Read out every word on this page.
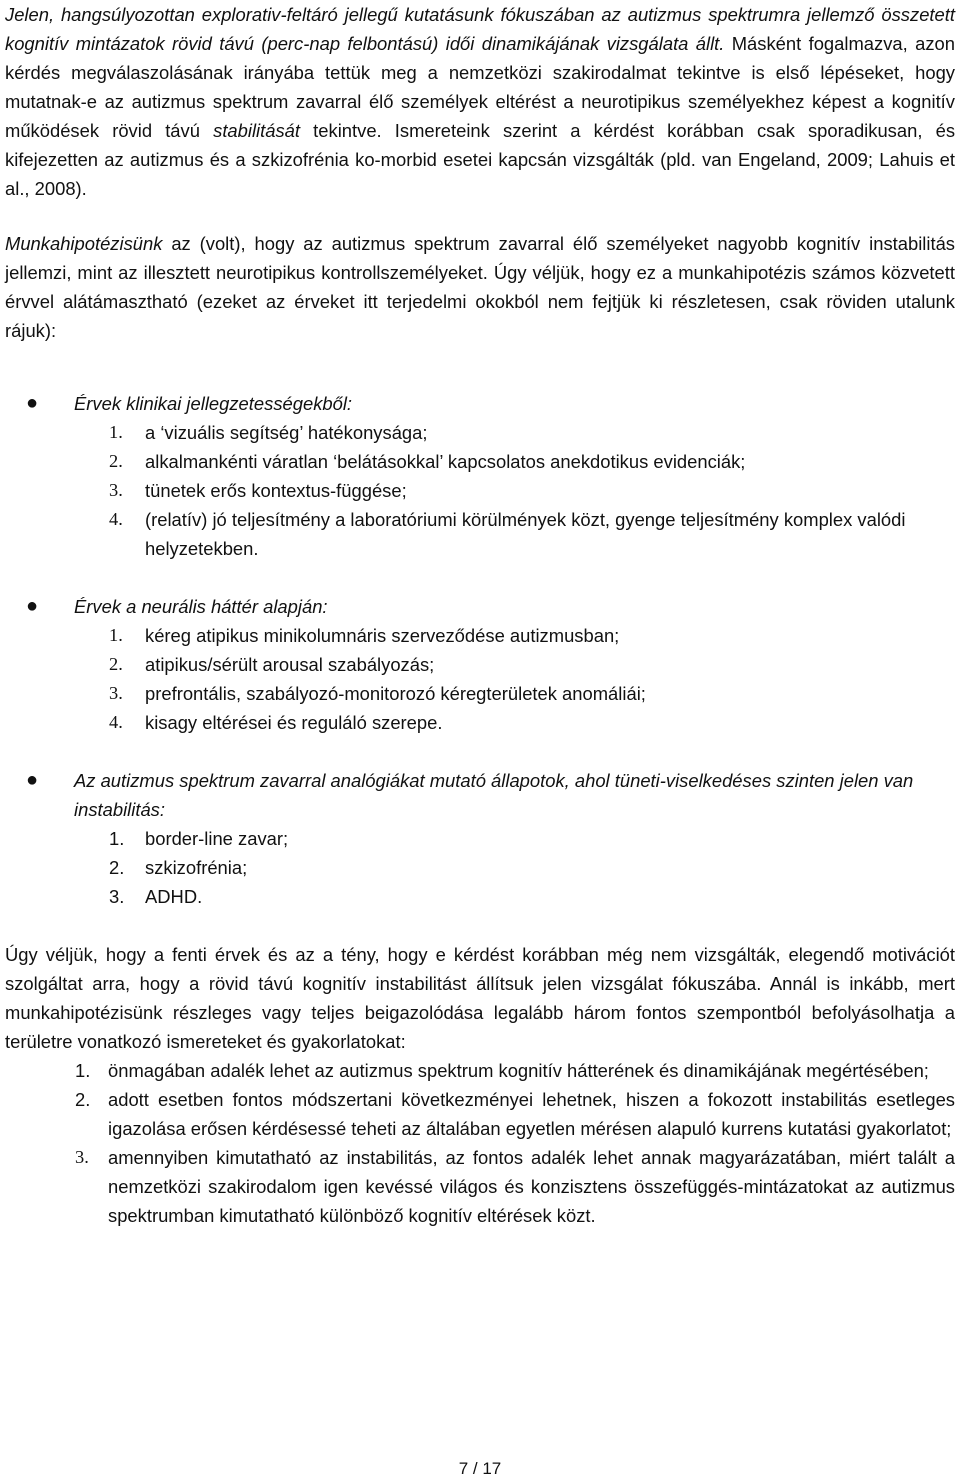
Jelen, hangsúlyozottan explorativ-feltáró jellegű kutatásunk fókuszában az autizmus spektrumra jellemző összetett kognitív mintázatok rövid távú (perc-nap felbontású) idői dinamikájának vizsgálata állt. Másként fogalmazva, azon kérdés megválaszolásának irányába tettük meg a nemzetközi szakirodalmat tekintve is első lépéseket, hogy mutatnak-e az autizmus spektrum zavarral élő személyek eltérést a neurotipikus személyekhez képest a kognitív működések rövid távú stabilitását tekintve. Ismereteink szerint a kérdést korábban csak sporadikusan, és kifejezetten az autizmus és a szkizofrénia ko-morbid esetei kapcsán vizsgálták (pld. van Engeland, 2009; Lahuis et al., 2008).

Munkahipotézisünk az (volt), hogy az autizmus spektrum zavarral élő személyeket nagyobb kognitív instabilitás jellemzi, mint az illesztett neurotipikus kontrollszemélyeket. Úgy véljük, hogy ez a munkahipotézis számos közvetett érvvel alátámasztható (ezeket az érveket itt terjedelmi okokból nem fejtjük ki részletesen, csak röviden utalunk rájuk):

● Érvek klinikai jellegzetességekből:
1. a ‘vizuális segítség’ hatékonysága;
2. alkalmankénti váratlan ‘belátásokkal’ kapcsolatos anekdotikus evidenciák;
3. tünetek erős kontextus-függése;
4. (relatív) jó teljesítmény a laboratóriumi körülmények közt, gyenge teljesítmény komplex valódi helyzetekben.
● Érvek a neurális háttér alapján:
1. kéreg atipikus minikolumnáris szerveződése autizmusban;
2. atipikus/sérült arousal szabályozás;
3. prefrontális, szabályozó-monitorozó kéregterületek anomáliái;
4. kisagy eltérései és reguláló szerepe.
● Az autizmus spektrum zavarral analógiákat mutató állapotok, ahol tüneti-viselkedéses szinten jelen van instabilitás:
1. border-line zavar;
2. szkizofrénia;
3. ADHD.

Úgy véljük, hogy a fenti érvek és az a tény, hogy e kérdést korábban még nem vizsgálták, elegendő motivációt szolgáltat arra, hogy a rövid távú kognitív instabilitást állítsuk jelen vizsgálat fókuszába. Annál is inkább, mert munkahipotézisünk részleges vagy teljes beigazolódása legalább három fontos szempontból befolyásolhatja a területre vonatkozó ismereteket és gyakorlatokat:

1. önmagában adalék lehet az autizmus spektrum kognitív hátterének és dinamikájának megértésében;
2. adott esetben fontos módszertani következményei lehetnek, hiszen a fokozott instabilitás esetleges igazolása erősen kérdésessé teheti az általában egyetlen mérésen alapuló kurrens kutatási gyakorlatot;
3. amennyiben kimutatható az instabilitás, az fontos adalék lehet annak magyarázatában, miért talált a nemzetközi szakirodalom igen kevéssé világos és konzisztens összefüggés-mintázatokat az autizmus spektrumban kimutatható különböző kognitív eltérések közt.
7 / 17
